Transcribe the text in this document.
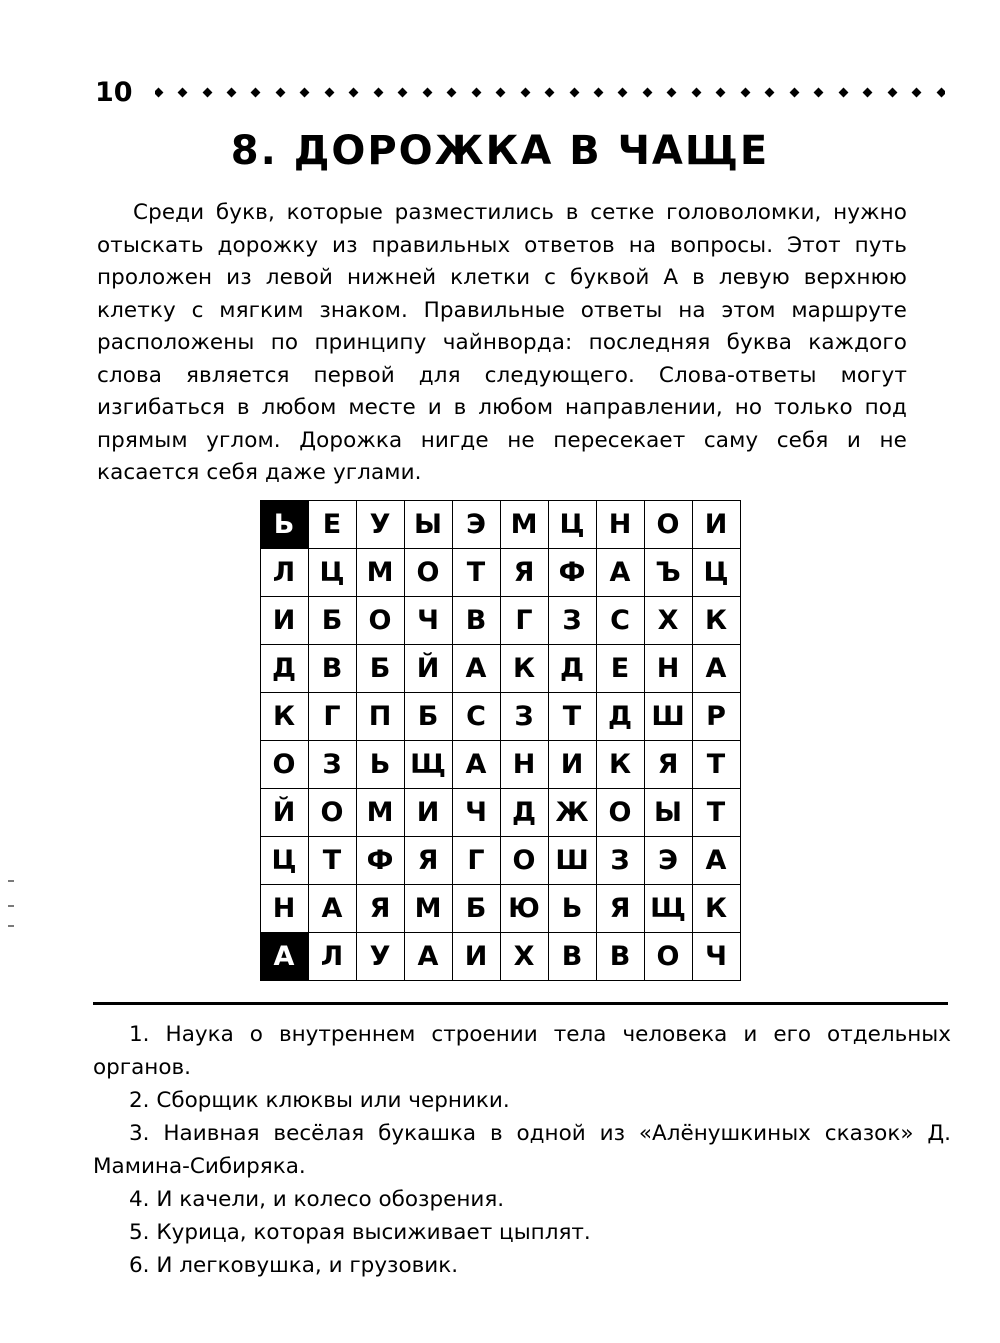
10
8. ДОРОЖКА В ЧАЩЕ
Среди букв, которые разместились в сетке головоломки, нужно отыскать дорожку из правильных ответов на вопросы. Этот путь проложен из левой нижней клетки с буквой А в левую верхнюю клетку с мягким знаком. Правильные ответы на этом маршруте расположены по принципу чайнворда: последняя буква каждого слова является первой для следующего. Слова-ответы могут изгибаться в любом месте и в любом направлении, но только под прямым углом. Дорожка нигде не пересекает саму себя и не касается себя даже углами.
Ь	Е	У	Ы	Э	М	Ц	Н	О	И
Л	Ц	М	О	Т	Я	Ф	А	Ъ	Ц
И	Б	О	Ч	В	Г	З	С	Х	К
Д	В	Б	Й	А	К	Д	Е	Н	А
К	Г	П	Б	С	З	Т	Д	Ш	Р
О	З	Ь	Щ	А	Н	И	К	Я	Т
Й	О	М	И	Ч	Д	Ж	О	Ы	Т
Ц	Т	Ф	Я	Г	О	Ш	З	Э	А
Н	А	Я	М	Б	Ю	Ь	Я	Щ	К
А	Л	У	А	И	Х	В	В	О	Ч

1. Наука о внутреннем строении тела человека и его отдельных органов.

2. Сборщик клюквы или черники.

3. Наивная весёлая букашка в одной из «Алёнушкиных сказок» Д. Мамина-Сибиряка.

4. И качели, и колесо обозрения.

5. Курица, которая высиживает цыплят.

6. И легковушка, и грузовик.
